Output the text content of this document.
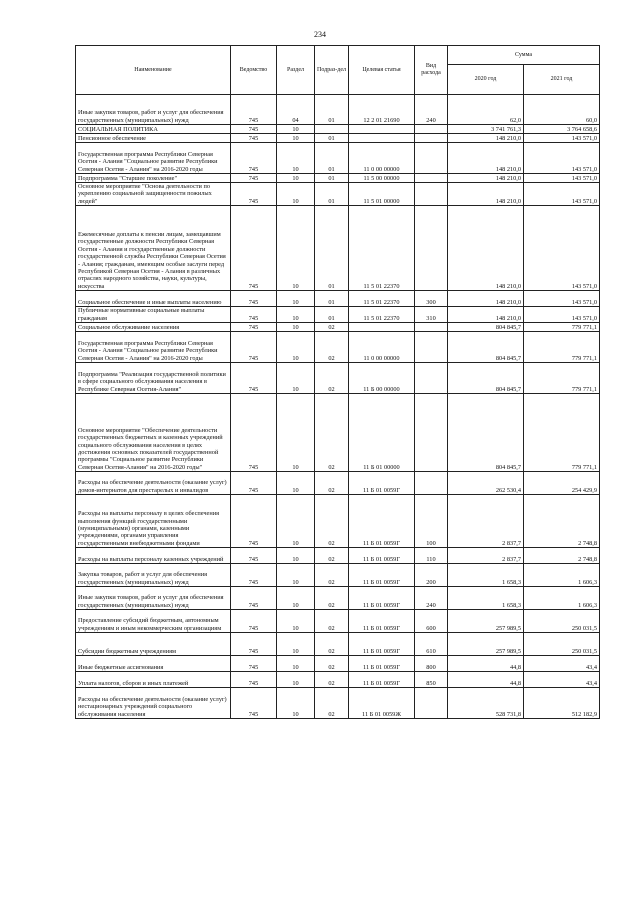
234
Наименование	Ведомство	Раздел	Подраз-дел	Целевая статья	Вид расхода	Сумма	
						2020 год	2021 год
Иные закупки товаров, работ и услуг для обеспечения государственных (муниципальных) нужд	745	04	01	12 2 01 21690	240	62,0	60,0
СОЦИАЛЬНАЯ ПОЛИТИКА	745	10				3 741 761,3	3 764 658,6
Пенсионное обеспечение	745	10	01			148 210,0	143 571,0
Государственная программа Республики Северная Осетия - Алания "Социальное развитие Республики Северная Осетия - Алания" на 2016-2020 годы	745	10	01	11 0 00 00000		148 210,0	143 571,0
Подпрограмма "Старшее поколение"	745	10	01	11 5 00 00000		148 210,0	143 571,0
Основное мероприятие "Основа деятельности по укреплению социальной защищенности пожилых людей"	745	10	01	11 5 01 00000		148 210,0	143 571,0
Ежемесячные доплаты к пенсии лицам, замещавшим государственные должности Республики Северная Осетия - Алания и государственные должности государственной службы Республики Северная Осетия - Алания; гражданам, имеющим особые заслуги перед Республикой Северная Осетия - Алания в различных отраслях народного хозяйства, науки, культуры, искусства	745	10	01	11 5 01 22370		148 210,0	143 571,0
Социальное обеспечение и иные выплаты населению	745	10	01	11 5 01 22370	300	148 210,0	143 571,0
Публичные нормативные социальные выплаты гражданам	745	10	01	11 5 01 22370	310	148 210,0	143 571,0
Социальное обслуживание населения	745	10	02			804 845,7	779 771,1
Государственная программа Республики Северная Осетия - Алания "Социальное развитие Республики Северная Осетия - Алания" на 2016-2020 годы	745	10	02	11 0 00 00000		804 845,7	779 771,1
Подпрограмма "Реализация государственной политики в сфере социального обслуживания населения в Республике Северная Осетия-Алания"	745	10	02	11 Б 00 00000		804 845,7	779 771,1
Основное мероприятие "Обеспечение деятельности государственных бюджетных и казенных учреждений социального обслуживания населения в целях достижения основных показателей государственной программы "Социальное развитие Республики Северная Осетия-Алания" на 2016-2020 годы"	745	10	02	11 Б 01 00000		804 845,7	779 771,1
Расходы на обеспечение деятельности (оказание услуг) домов-интернатов для престарелых и инвалидов	745	10	02	11 Б 01 0059Г		262 530,4	254 429,9
Расходы на выплаты персоналу в целях обеспечения выполнения функций государственными (муниципальными) органами, казенными учреждениями, органами управления государственными внебюджетными фондами	745	10	02	11 Б 01 0059Г	100	2 837,7	2 748,8
Расходы на выплаты персоналу казенных учреждений	745	10	02	11 Б 01 0059Г	110	2 837,7	2 748,8
Закупка товаров, работ и услуг для обеспечения государственных (муниципальных) нужд	745	10	02	11 Б 01 0059Г	200	1 658,3	1 606,3
Иные закупки товаров, работ и услуг для обеспечения государственных (муниципальных) нужд	745	10	02	11 Б 01 0059Г	240	1 658,3	1 606,3
Предоставление субсидий бюджетным, автономным учреждениям и иным некоммерческим организациям	745	10	02	11 Б 01 0059Г	600	257 989,5	250 031,5
Субсидии бюджетным учреждениям	745	10	02	11 Б 01 0059Г	610	257 989,5	250 031,5
Иные бюджетные ассигнования	745	10	02	11 Б 01 0059Г	800	44,8	43,4
Уплата налогов, сборов и иных платежей	745	10	02	11 Б 01 0059Г	850	44,8	43,4
Расходы на обеспечение деятельности (оказание услуг) нестационарных учреждений социального обслуживания населения	745	10	02	11 Б 01 0059Ж		528 731,8	512 182,9
